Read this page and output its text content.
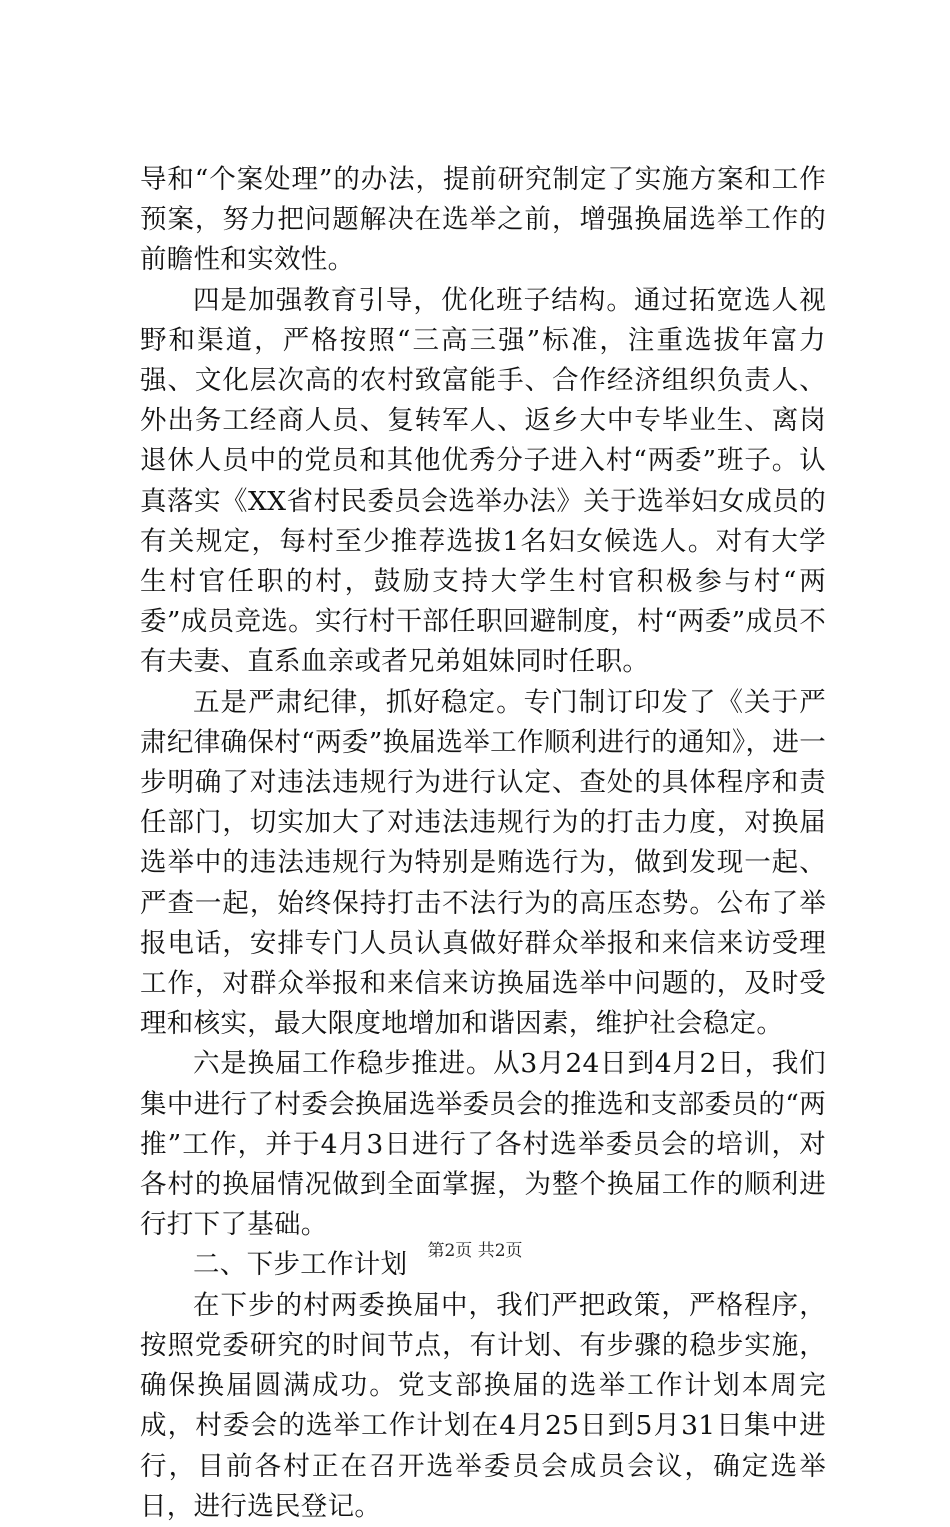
导和“个案处理”的办法，提前研究制定了实施方案和工作预案，努力把问题解决在选举之前，增强换届选举工作的前瞻性和实效性。

四是加强教育引导，优化班子结构。通过拓宽选人视野和渠道，严格按照“三高三强”标准，注重选拔年富力强、文化层次高的农村致富能手、合作经济组织负责人、外出务工经商人员、复转军人、返乡大中专毕业生、离岗退休人员中的党员和其他优秀分子进入村“两委”班子。认真落实《XX省村民委员会选举办法》关于选举妇女成员的有关规定，每村至少推荐选拔1名妇女候选人。对有大学生村官任职的村，鼓励支持大学生村官积极参与村“两委”成员竞选。实行村干部任职回避制度，村“两委”成员不有夫妻、直系血亲或者兄弟姐妹同时任职。

五是严肃纪律，抓好稳定。专门制订印发了《关于严肃纪律确保村“两委”换届选举工作顺利进行的通知》，进一步明确了对违法违规行为进行认定、查处的具体程序和责任部门，切实加大了对违法违规行为的打击力度，对换届选举中的违法违规行为特别是贿选行为，做到发现一起、严查一起，始终保持打击不法行为的高压态势。公布了举报电话，安排专门人员认真做好群众举报和来信来访受理工作，对群众举报和来信来访换届选举中问题的，及时受理和核实，最大限度地增加和谐因素，维护社会稳定。

六是换届工作稳步推进。从3月24日到4月2日，我们集中进行了村委会换届选举委员会的推选和支部委员的“两推”工作，并于4月3日进行了各村选举委员会的培训，对各村的换届情况做到全面掌握，为整个换届工作的顺利进行打下了基础。

二、下步工作计划

在下步的村两委换届中，我们严把政策，严格程序，按照党委研究的时间节点，有计划、有步骤的稳步实施，确保换届圆满成功。党支部换届的选举工作计划本周完成，村委会的选举工作计划在4月25日到5月31日集中进行，目前各村正在召开选举委员会成员会议，确定选举日，进行选民登记。

第2页 共2页
